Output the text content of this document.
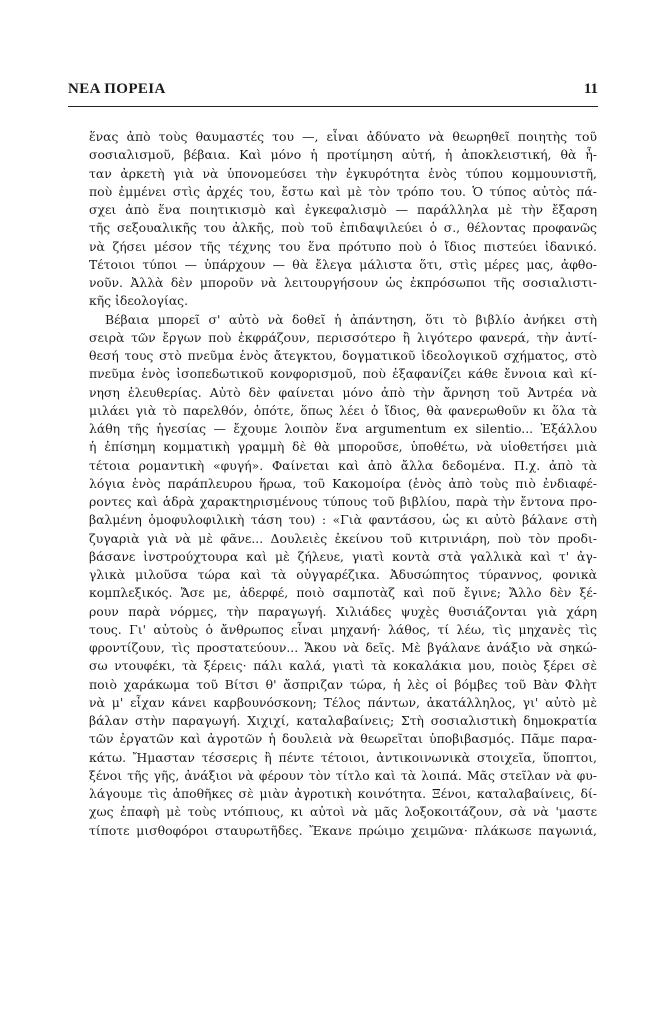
ΝΕΑ ΠΟΡΕΙΑ	11
ἕνας ἀπὸ τοὺς θαυμαστές του —, εἶναι ἀδύνατο νὰ θεωρηθεῖ ποιητὴς τοῦ
σοσιαλισμοῦ, βέβαια. Καὶ μόνο ἡ προτίμηση αὐτή, ἡ ἀποκλειστική, θὰ ἦ-
ταν ἀρκετὴ γιὰ νὰ ὑπονομεύσει τὴν ἐγκυρότητα ἑνὸς τύπου κομμουνιστῆ,
ποὺ ἐμμένει στὶς ἀρχές του, ἔστω καὶ μὲ τὸν τρόπο του. Ὁ τύπος αὐτὸς πά-
σχει ἀπὸ ἕνα ποιητικισμὸ καὶ ἐγκεφαλισμὸ — παράλληλα μὲ τὴν ἔξαρση
τῆς σεξουαλικῆς του ἀλκῆς, ποὺ τοῦ ἐπιδαψιλεύει ὁ σ., θέλοντας προφανῶς
νὰ ζήσει μέσον τῆς τέχνης του ἕνα πρότυπο ποὺ ὁ ἴδιος πιστεύει ἰδανικό.
Τέτοιοι τύποι — ὑπάρχουν — θὰ ἔλεγα μάλιστα ὅτι, στὶς μέρες μας, ἀφθο-
νοῦν. Ἀλλὰ δὲν μποροῦν νὰ λειτουργήσουν ὡς ἐκπρόσωποι τῆς σοσιαλιστι-
κῆς ἰδεολογίας.
Βέβαια μπορεῖ σ' αὐτὸ νὰ δοθεῖ ἡ ἀπάντηση, ὅτι τὸ βιβλίο ἀνήκει στὴ
σειρὰ τῶν ἔργων ποὺ ἐκφράζουν, περισσότερο ἢ λιγότερο φανερά, τὴν ἀντί-
θεσή τους στὸ πνεῦμα ἑνὸς ἄτεγκτου, δογματικοῦ ἰδεολογικοῦ σχήματος, στὸ
πνεῦμα ἑνὸς ἰσοπεδωτικοῦ κονφορισμοῦ, ποὺ ἐξαφανίζει κάθε ἔννοια καὶ κί-
νηση ἐλευθερίας. Αὐτὸ δὲν φαίνεται μόνο ἀπὸ τὴν ἄρνηση τοῦ Ἀντρέα νὰ
μιλάει γιὰ τὸ παρελθόν, ὁπότε, ὅπως λέει ὁ ἴδιος, θὰ φανερωθοῦν κι ὅλα τὰ
λάθη τῆς ἡγεσίας — ἔχουμε λοιπὸν ἕνα argumentum ex silentio... Ἐξάλλου
ἡ ἐπίσημη κομματικὴ γραμμὴ δὲ θὰ μποροῦσε, ὑποθέτω, νὰ υἱοθετήσει μιὰ
τέτοια ρομαντικὴ «φυγή». Φαίνεται καὶ ἀπὸ ἄλλα δεδομένα. Π.χ. ἀπὸ τὰ
λόγια ἑνὸς παράπλευρου ἥρωα, τοῦ Κακομοίρα (ἑνὸς ἀπὸ τοὺς πιὸ ἐνδιαφέ-
ροντες καὶ ἁδρὰ χαρακτηρισμένους τύπους τοῦ βιβλίου, παρὰ τὴν ἔντονα προ-
βαλμένη ὁμοφυλοφιλικὴ τάση του) : «Γιὰ φαντάσου, ὡς κι αὐτὸ βάλανε στὴ
ζυγαριὰ γιὰ νὰ μὲ φᾶνε... Δουλειὲς ἐκείνου τοῦ κιτρινιάρη, ποὺ τὸν προδι-
βάσανε ἰνστρούχτουρα καὶ μὲ ζήλευε, γιατὶ κοντὰ στὰ γαλλικὰ καὶ τ' ἀγ-
γλικὰ μιλοῦσα τώρα καὶ τὰ οὐγγαρέζικα. Ἀδυσώπητος τύραννος, φονικὰ
κομπλεξικός. Ἄσε με, ἀδερφέ, ποιὸ σαμποτὰζ καὶ ποῦ ἔγινε; Ἄλλο δὲν ξέ-
ρουν παρὰ νόρμες, τὴν παραγωγή. Χιλιάδες ψυχὲς θυσιάζονται γιὰ χάρη
τους. Γι' αὐτοὺς ὁ ἄνθρωπος εἶναι μηχανή· λάθος, τί λέω, τὶς μηχανὲς τὶς
φροντίζουν, τὶς προστατεύουν... Ἄκου νὰ δεῖς. Μὲ βγάλανε ἀνάξιο νὰ σηκώ-
σω ντουφέκι, τὰ ξέρεις· πάλι καλά, γιατὶ τὰ κοκαλάκια μου, ποιὸς ξέρει σὲ
ποιὸ χαράκωμα τοῦ Βίτσι θ' ἄσπριζαν τώρα, ἡ λὲς οἱ βόμβες τοῦ Βὰν Φλὴτ
νὰ μ' εἶχαν κάνει καρβουνόσκονη; Τέλος πάντων, ἀκατάλληλος, γι' αὐτὸ μὲ
βάλαν στὴν παραγωγή. Χιχιχί, καταλαβαίνεις; Στὴ σοσιαλιστικὴ δημοκρατία
τῶν ἐργατῶν καὶ ἀγροτῶν ἡ δουλειὰ νὰ θεωρεῖται ὑποβιβασμός. Πᾶμε παρα-
κάτω. Ἤμασταν τέσσερις ἢ πέντε τέτοιοι, ἀντικοινωνικὰ στοιχεῖα, ὕποπτοι,
ξένοι τῆς γῆς, ἀνάξιοι νὰ φέρουν τὸν τίτλο καὶ τὰ λοιπά. Μᾶς στεῖλαν νὰ φυ-
λάγουμε τὶς ἀποθῆκες σὲ μιὰν ἀγροτικὴ κοινότητα. Ξένοι, καταλαβαίνεις, δί-
χως ἐπαφὴ μὲ τοὺς ντόπιους, κι αὐτοὶ νὰ μᾶς λοξοκοιτάζουν, σὰ νὰ 'μαστε
τίποτε μισθοφόροι σταυρωτῆδες. Ἔκανε πρώιμο χειμῶνα· πλάκωσε παγωνιά,
